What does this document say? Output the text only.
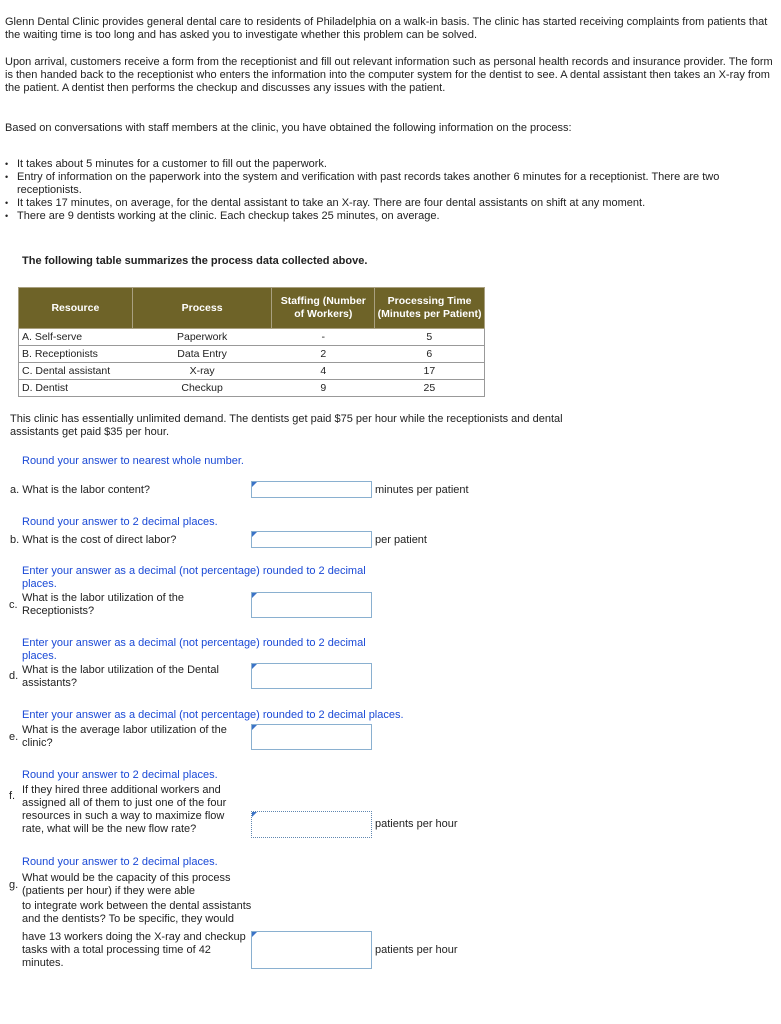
Glenn Dental Clinic provides general dental care to residents of Philadelphia on a walk-in basis. The clinic has started receiving complaints from patients that the waiting time is too long and has asked you to investigate whether this problem can be solved.
Upon arrival, customers receive a form from the receptionist and fill out relevant information such as personal health records and insurance provider. The form is then handed back to the receptionist who enters the information into the computer system for the dentist to see. A dental assistant then takes an X-ray from the patient. A dentist then performs the checkup and discusses any issues with the patient.
Based on conversations with staff members at the clinic, you have obtained the following information on the process:
• It takes about 5 minutes for a customer to fill out the paperwork.
• Entry of information on the paperwork into the system and verification with past records takes another 6 minutes for a receptionist. There are two receptionists.
• It takes 17 minutes, on average, for the dental assistant to take an X-ray. There are four dental assistants on shift at any moment.
• There are 9 dentists working at the clinic. Each checkup takes 25 minutes, on average.
The following table summarizes the process data collected above.
Resource	Process	Staffing (Number of Workers)	Processing Time (Minutes per Patient)
A. Self-serve	Paperwork	-	5
B. Receptionists	Data Entry	2	6
C. Dental assistant	X-ray	4	17
D. Dentist	Checkup	9	25
This clinic has essentially unlimited demand. The dentists get paid $75 per hour while the receptionists and dental assistants get paid $35 per hour.
Round your answer to nearest whole number.
a. What is the labor content?	minutes per patient
Round your answer to 2 decimal places.
b. What is the cost of direct labor?	per patient
Enter your answer as a decimal (not percentage) rounded to 2 decimal places.
c.
What is the labor utilization of the Receptionists?
Enter your answer as a decimal (not percentage) rounded to 2 decimal places.
d. What is the labor utilization of the Dental assistants?
Enter your answer as a decimal (not percentage) rounded to 2 decimal places.
e.
What is the average labor utilization of the clinic?
Round your answer to 2 decimal places.
f. If they hired three additional workers and assigned all of them to just one of the four resources in such a way to maximize flow rate, what will be the new flow rate?	patients per hour
Round your answer to 2 decimal places.
g.
What would be the capacity of this process (patients per hour) if they were able
to integrate work between the dental assistants and the dentists? To be specific, they would
have 13 workers doing the X-ray and checkup tasks with a total processing time of 42 minutes.
patients per hour
